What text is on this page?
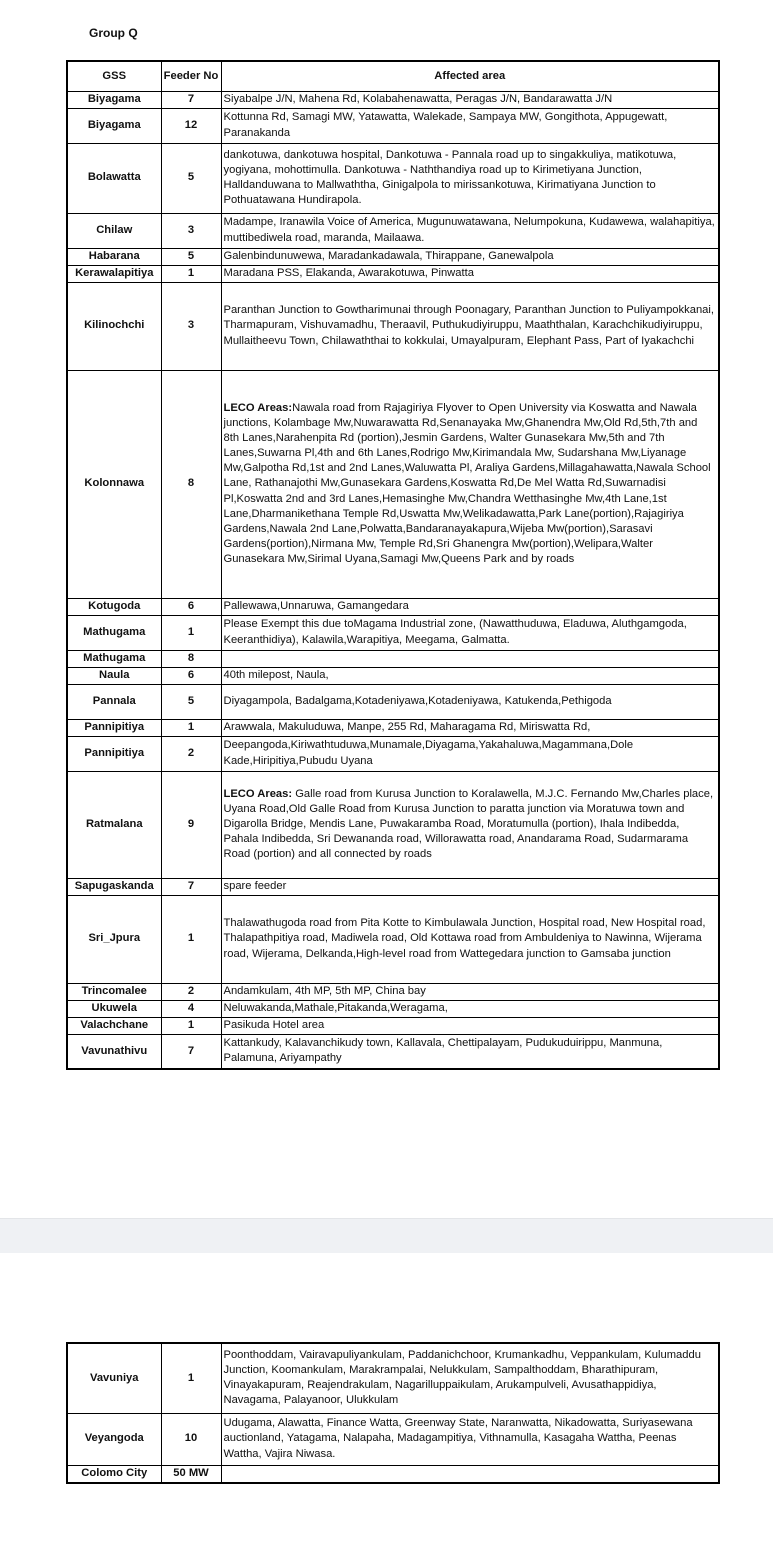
Group Q
GSS	Feeder No	Affected area
Biyagama	7	Siyabalpe J/N, Mahena Rd, Kolabahenawatta, Peragas J/N, Bandarawatta J/N
Biyagama	12	Kottunna Rd, Samagi MW, Yatawatta, Walekade, Sampaya MW, Gongithota, Appugewatt, Paranakanda
Bolawatta	5	dankotuwa, dankotuwa hospital, Dankotuwa - Pannala road up to singakkuliya, matikotuwa, yogiyana, mohottimulla. Dankotuwa - Naththandiya road up to Kirimetiyana Junction, Halldanduwana to Mallwaththa, Ginigalpola to mirissankotuwa, Kirimatiyana Junction to Pothuatawana Hundirapola.
Chilaw	3	Madampe, Iranawila Voice of America, Mugunuwatawana, Nelumpokuna, Kudawewa, walahapitiya, muttibediwela road, maranda, Mailaawa.
Habarana	5	Galenbindunuwewa, Maradankadawala, Thirappane, Ganewalpola
Kerawalapitiya	1	Maradana PSS, Elakanda, Awarakotuwa, Pinwatta
Kilinochchi	3	Paranthan Junction to Gowtharimunai through Poonagary, Paranthan Junction to Puliyampokkanai, Tharmapuram, Vishuvamadhu, Theraavil, Puthukudiyiruppu, Maaththalan, Karachchikudiyiruppu, Mullaitheevu Town, Chilawaththai to kokkulai, Umayalpuram, Elephant Pass, Part of Iyakachchi
Kolonnawa	8	LECO Areas:Nawala road from Rajagiriya Flyover to Open University via Koswatta and Nawala junctions, Kolambage Mw,Nuwarawatta Rd,Senanayaka Mw,Ghanendra Mw,Old Rd,5th,7th and 8th Lanes,Narahenpita Rd (portion),Jesmin Gardens, Walter Gunasekara Mw,5th and 7th Lanes,Suwarna Pl,4th and 6th Lanes,Rodrigo Mw,Kirimandala Mw, Sudarshana Mw,Liyanage Mw,Galpotha Rd,1st and 2nd Lanes,Waluwatta Pl, Araliya Gardens,Millagahawatta,Nawala School Lane, Rathanajothi Mw,Gunasekara Gardens,Koswatta Rd,De Mel Watta Rd,Suwarnadisi Pl,Koswatta 2nd and 3rd Lanes,Hemasinghe Mw,Chandra Wetthasinghe Mw,4th Lane,1st Lane,Dharmanikethana Temple Rd,Uswatta Mw,Welikadawatta,Park Lane(portion),Rajagiriya Gardens,Nawala 2nd Lane,Polwatta,Bandaranayakapura,Wijeba Mw(portion),Sarasavi Gardens(portion),Nirmana Mw, Temple Rd,Sri Ghanengra Mw(portion),Welipara,Walter Gunasekara Mw,Sirimal Uyana,Samagi Mw,Queens Park and by roads
Kotugoda	6	Pallewawa,Unnaruwa, Gamangedara
Mathugama	1	Please Exempt this due toMagama Industrial zone, (Nawatthuduwa, Eladuwa, Aluthgamgoda, Keeranthidiya), Kalawila,Warapitiya, Meegama, Galmatta.
Mathugama	8	
Naula	6	40th milepost, Naula,
Pannala	5	Diyagampola, Badalgama,Kotadeniyawa,Kotadeniyawa, Katukenda,Pethigoda
Pannipitiya	1	Arawwala, Makuluduwa, Manpe, 255 Rd, Maharagama Rd, Miriswatta Rd,
Pannipitiya	2	Deepangoda,Kiriwathtuduwa,Munamale,Diyagama,Yakahaluwa,Magammana,Dole Kade,Hiripitiya,Pubudu Uyana
Ratmalana	9	LECO Areas: Galle road from Kurusa Junction to Koralawella, M.J.C. Fernando Mw,Charles place, Uyana Road,Old Galle Road from Kurusa Junction to paratta junction via Moratuwa town and Digarolla Bridge, Mendis Lane, Puwakaramba Road, Moratumulla (portion), Ihala Indibedda, Pahala Indibedda, Sri Dewananda road, Willorawatta road, Anandarama Road, Sudarmarama Road (portion) and all connected by roads
Sapugaskanda	7	spare feeder
Sri_Jpura	1	Thalawathugoda road from Pita Kotte to Kimbulawala Junction, Hospital road, New Hospital road, Thalapathpitiya road, Madiwela road, Old Kottawa road from Ambuldeniya to Nawinna, Wijerama road, Wijerama, Delkanda,High-level road from Wattegedara junction to Gamsaba junction
Trincomalee	2	Andamkulam, 4th MP, 5th MP, China bay
Ukuwela	4	Neluwakanda,Mathale,Pitakanda,Weragama,
Valachchane	1	Pasikuda Hotel area
Vavunathivu	7	Kattankudy, Kalavanchikudy town, Kallavala, Chettipalayam, Pudukuduirippu, Manmuna, Palamuna, Ariyampathy
Vavuniya	1	Poonthoddam, Vairavapuliyankulam, Paddanichchoor, Krumankadhu, Veppankulam, Kulumaddu Junction, Koomankulam, Marakrampalai, Nelukkulam, Sampalthoddam, Bharathipuram, Vinayakapuram, Reajendrakulam, Nagarilluppaikulam, Arukampulveli, Avusathappidiya, Navagama, Palayanoor, Ulukkulam
Veyangoda	10	Udugama, Alawatta, Finance Watta, Greenway State, Naranwatta, Nikadowatta, Suriyasewana auctionland, Yatagama, Nalapaha, Madagampitiya, Vithnamulla, Kasagaha Wattha, Peenas Wattha, Vajira Niwasa.
Colomo City	50 MW	
